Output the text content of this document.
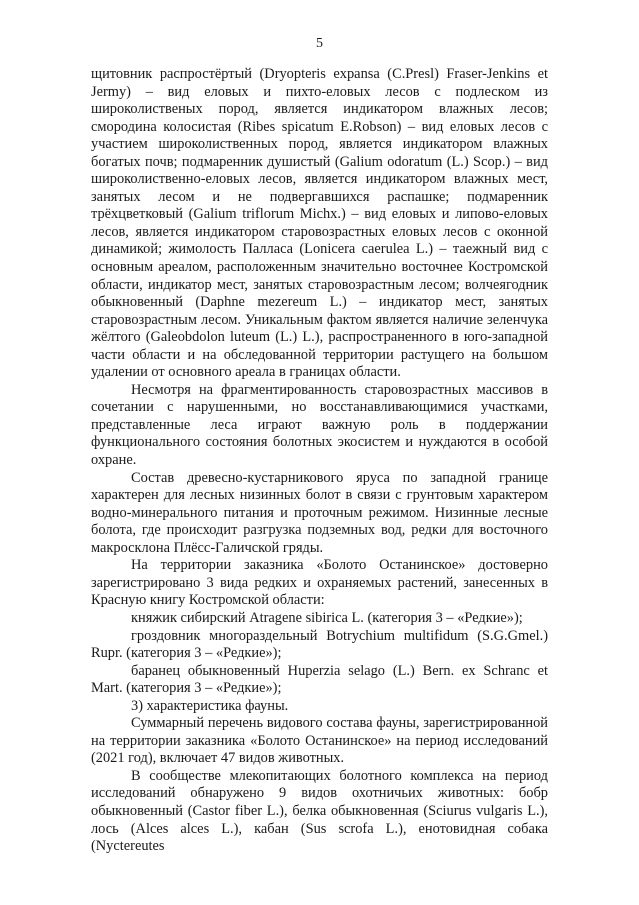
5

щитовник распростёртый (Dryopteris expansa (C.Presl) Fraser-Jenkins et Jermy) – вид еловых и пихто-еловых лесов с подлеском из широколиственых пород, является индикатором влажных лесов; смородина колосистая (Ribes spicatum E.Robson) – вид еловых лесов с участием широколиственных пород, является индикатором влажных богатых почв; подмаренник душистый (Galium odoratum (L.) Scop.) – вид широколиственно-еловых лесов, является индикатором влажных мест, занятых лесом и не подвергавшихся распашке; подмаренник трёхцветковый (Galium triflorum Michx.) – вид еловых и липово-еловых лесов, является индикатором старовозрастных еловых лесов с оконной динамикой; жимолость Палласа (Lonicera caerulea L.) – таежный вид с основным ареалом, расположенным значительно восточнее Костромской области, индикатор мест, занятых старовозрастным лесом; волчеягодник обыкновенный (Daphne mezereum L.) – индикатор мест, занятых старовозрастным лесом. Уникальным фактом является наличие зеленчука жёлтого (Galeobdolon luteum (L.) L.), распространенного в юго-западной части области и на обследованной территории растущего на большом удалении от основного ареала в границах области.

Несмотря на фрагментированность старовозрастных массивов в сочетании с нарушенными, но восстанавливающимися участками, представленные леса играют важную роль в поддержании функционального состояния болотных экосистем и нуждаются в особой охране.

Состав древесно-кустарникового яруса по западной границе характерен для лесных низинных болот в связи с грунтовым характером водно-минерального питания и проточным режимом. Низинные лесные болота, где происходит разгрузка подземных вод, редки для восточного макросклона Плёсс-Галичской гряды.

На территории заказника «Болото Останинское» достоверно зарегистрировано 3 вида редких и охраняемых растений, занесенных в Красную книгу Костромской области:

княжик сибирский Atragene sibirica L. (категория 3 – «Редкие»);

гроздовник многораздельный Botrychium multifidum (S.G.Gmel.) Rupr. (категория 3 – «Редкие»);

баранец обыкновенный Huperzia selago (L.) Bern. ex Schranc et Mart. (категория 3 – «Редкие»);

3) характеристика фауны.

Суммарный перечень видового состава фауны, зарегистрированной на территории заказника «Болото Останинское» на период исследований (2021 год), включает 47 видов животных.

В сообществе млекопитающих болотного комплекса на период исследований обнаружено 9 видов охотничьих животных: бобр обыкновенный (Castor fiber L.), белка обыкновенная (Sciurus vulgaris L.), лось (Alces alces L.), кабан (Sus scrofa L.), енотовидная собака (Nyctereutes
